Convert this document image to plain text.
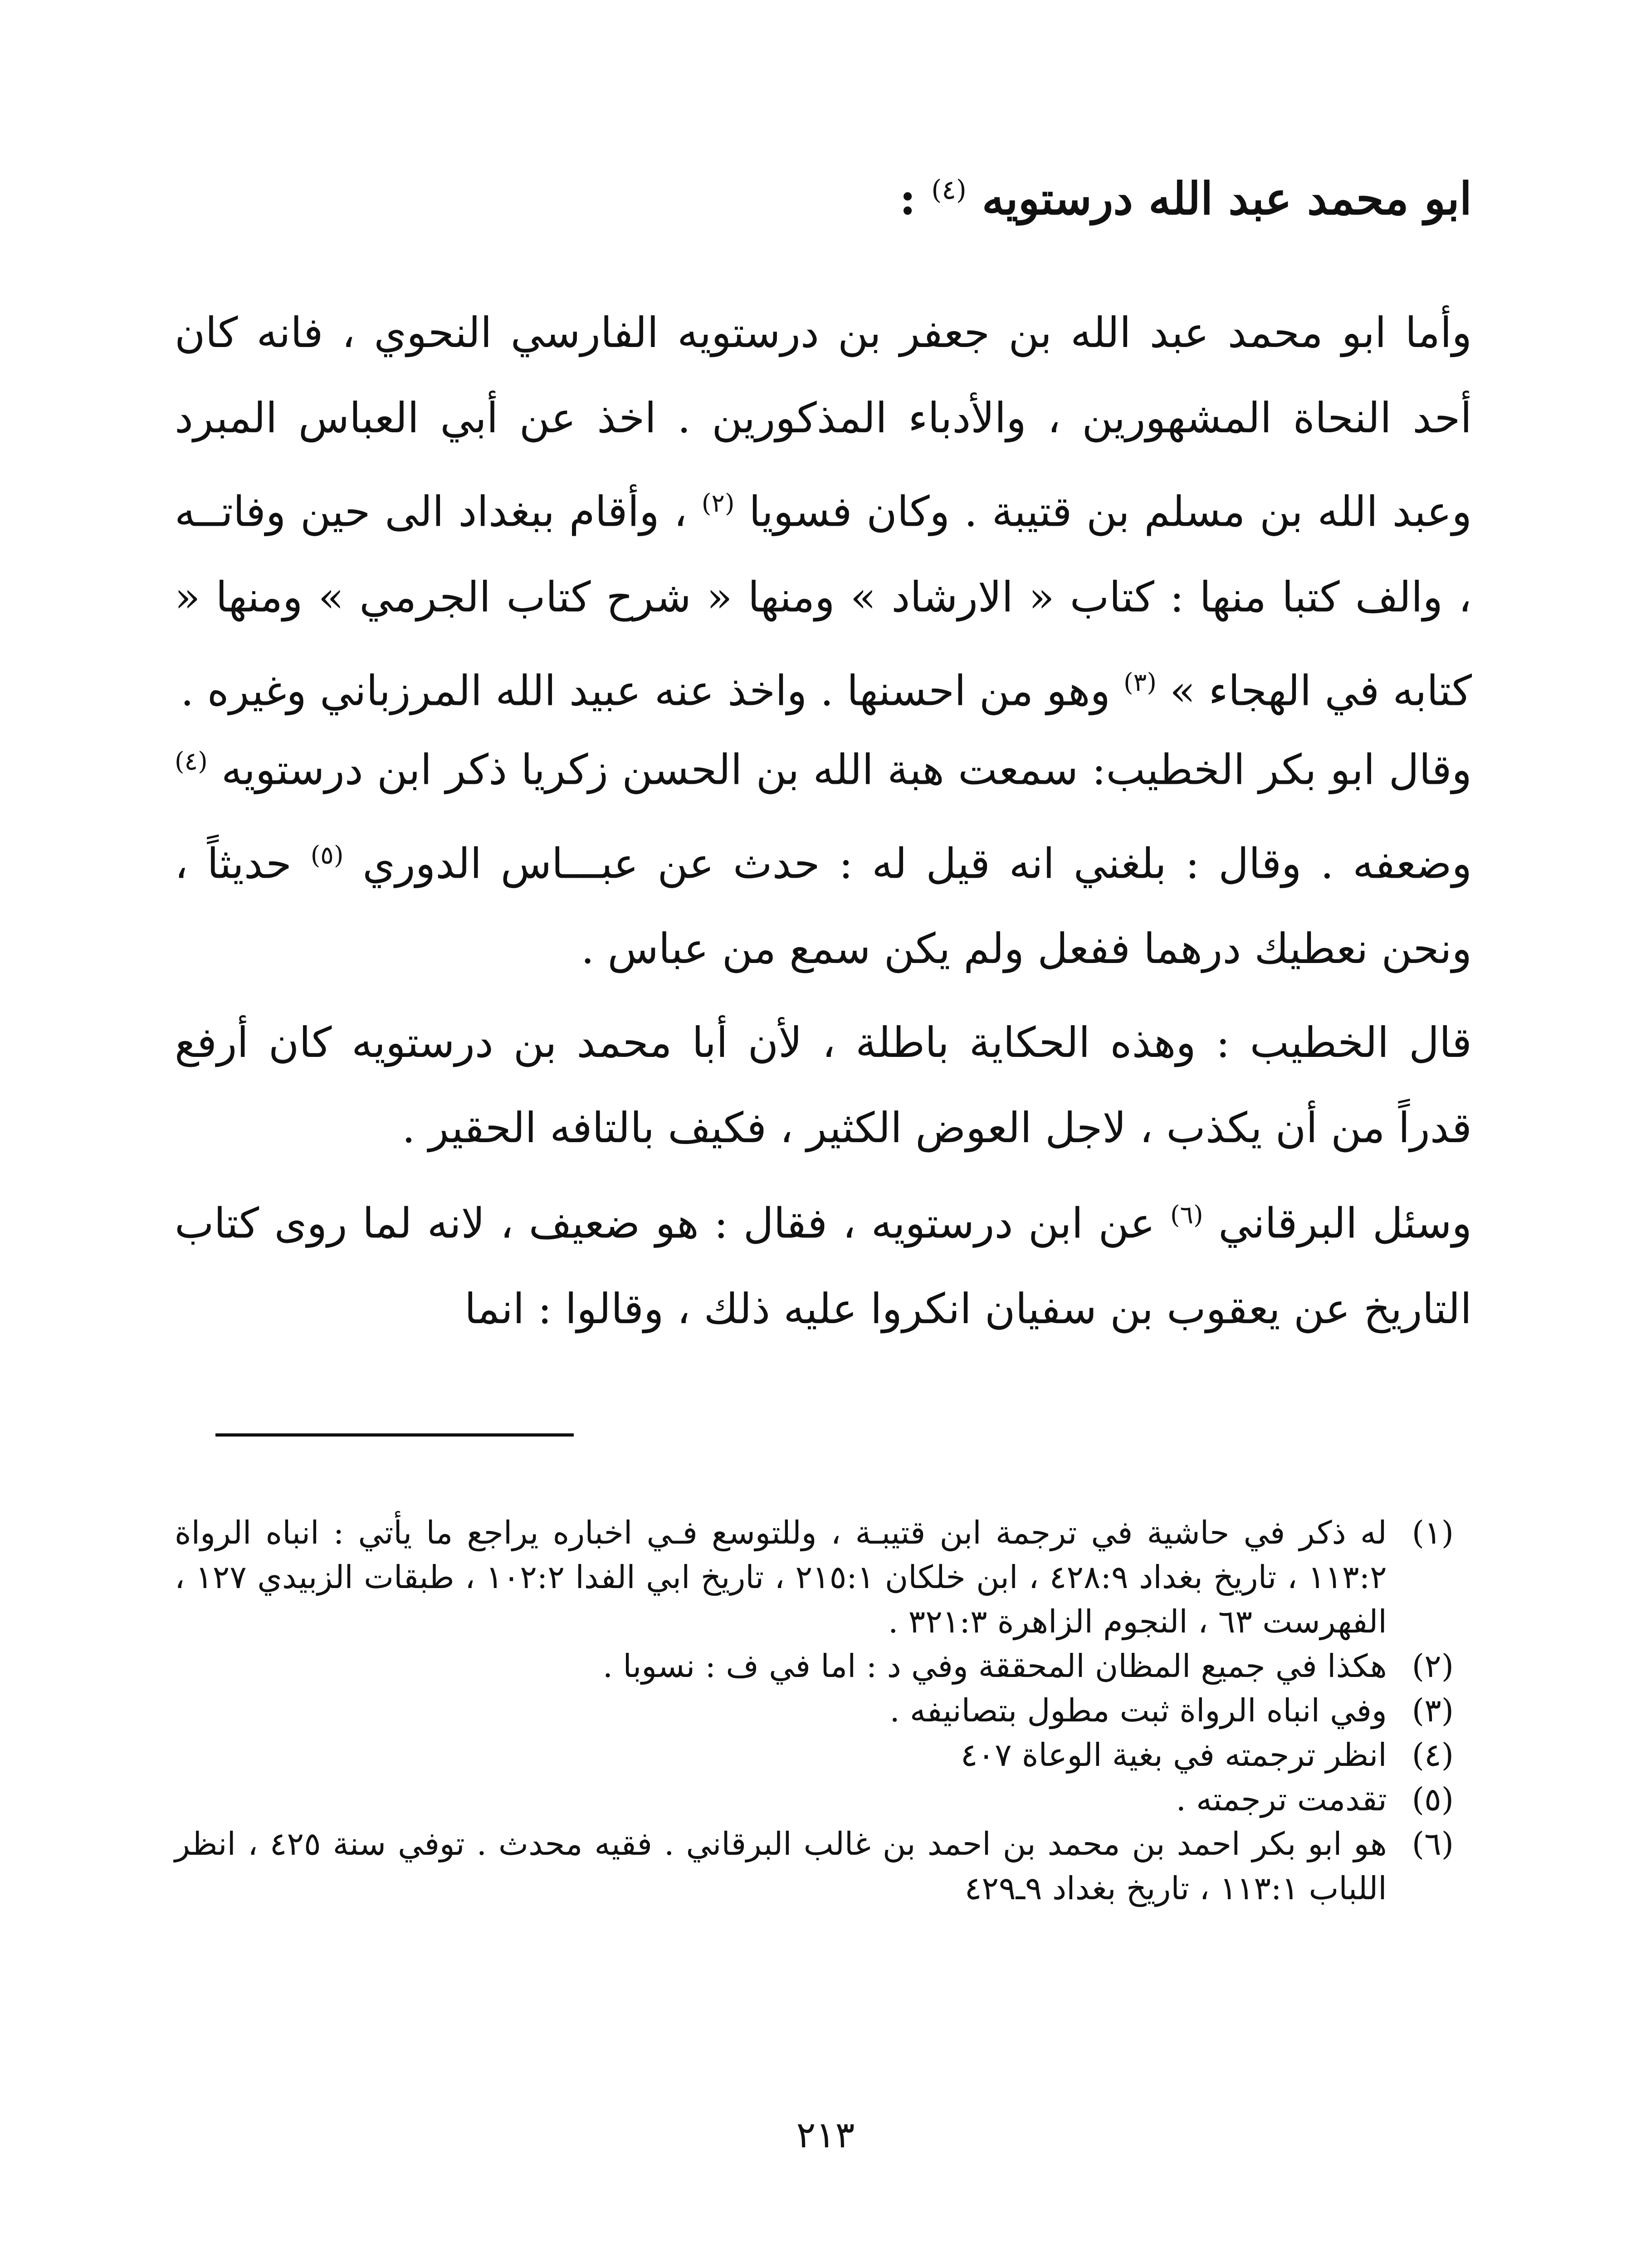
ابو محمد عبد الله درستويه $^{(٤)}$ :

وأما ابو محمد عبد الله بن جعفر بن درستويه الفارسي النحوي ، فانه كان أحد النحاة المشهورين ، والأدباء المذكورين . اخذ عن أبي العباس المبرد وعبد الله بن مسلم بن قتيبة . وكان فسويا $^{(٢)}$ ، وأقام ببغداد الى حين وفاتــه ، والف كتبا منها : كتاب « الارشاد » ومنها « شرح كتاب الجرمي » ومنها « كتابه في الهجاء » $^{(٣)}$ وهو من احسنها . واخذ عنه عبيد الله المرزباني وغيره .

وقال ابو بكر الخطيب: سمعت هبة الله بن الحسن زكريا ذكر ابن درستويه $^{(٤)}$ وضعفه . وقال : بلغني انه قيل له : حدث عن عبـــاس الدوري $^{(٥)}$ حديثاً ، ونحن نعطيك درهما ففعل ولم يكن سمع من عباس .

قال الخطيب : وهذه الحكاية باطلة ، لأن أبا محمد بن درستويه كان أرفع قدراً من أن يكذب ، لاجل العوض الكثير ، فكيف بالتافه الحقير .

وسئل البرقاني $^{(٦)}$ عن ابن درستويه ، فقال : هو ضعيف ، لانه لما روى كتاب التاريخ عن يعقوب بن سفيان انكروا عليه ذلك ، وقالوا : انما

(١)
له ذكر في حاشية في ترجمة ابن قتيبـة ، وللتوسع فـي اخباره يراجع ما يأتي : انباه الرواة ١١٣:٢ ، تاريخ بغداد ٤٢٨:٩ ، ابن خلكان ٢١٥:١ ، تاريخ ابي الفدا ١٠٢:٢ ، طبقات الزبيدي ١٢٧ ، الفهرست ٦٣ ، النجوم الزاهرة ٣٢١:٣ .
(٢)
هكذا في جميع المظان المحققة وفي د : اما في ف : نسوبا .
(٣)
وفي انباه الرواة ثبت مطول بتصانيفه .
(٤)
انظر ترجمته في بغية الوعاة ٤٠٧
(٥)
تقدمت ترجمته .
(٦)
هو ابو بكر احمد بن محمد بن احمد بن غالب البرقاني . فقيه محدث . توفي سنة ٤٢٥ ، انظر اللباب ١١٣:١ ، تاريخ بغداد ٩ـ٤٢٩
٢١٣
